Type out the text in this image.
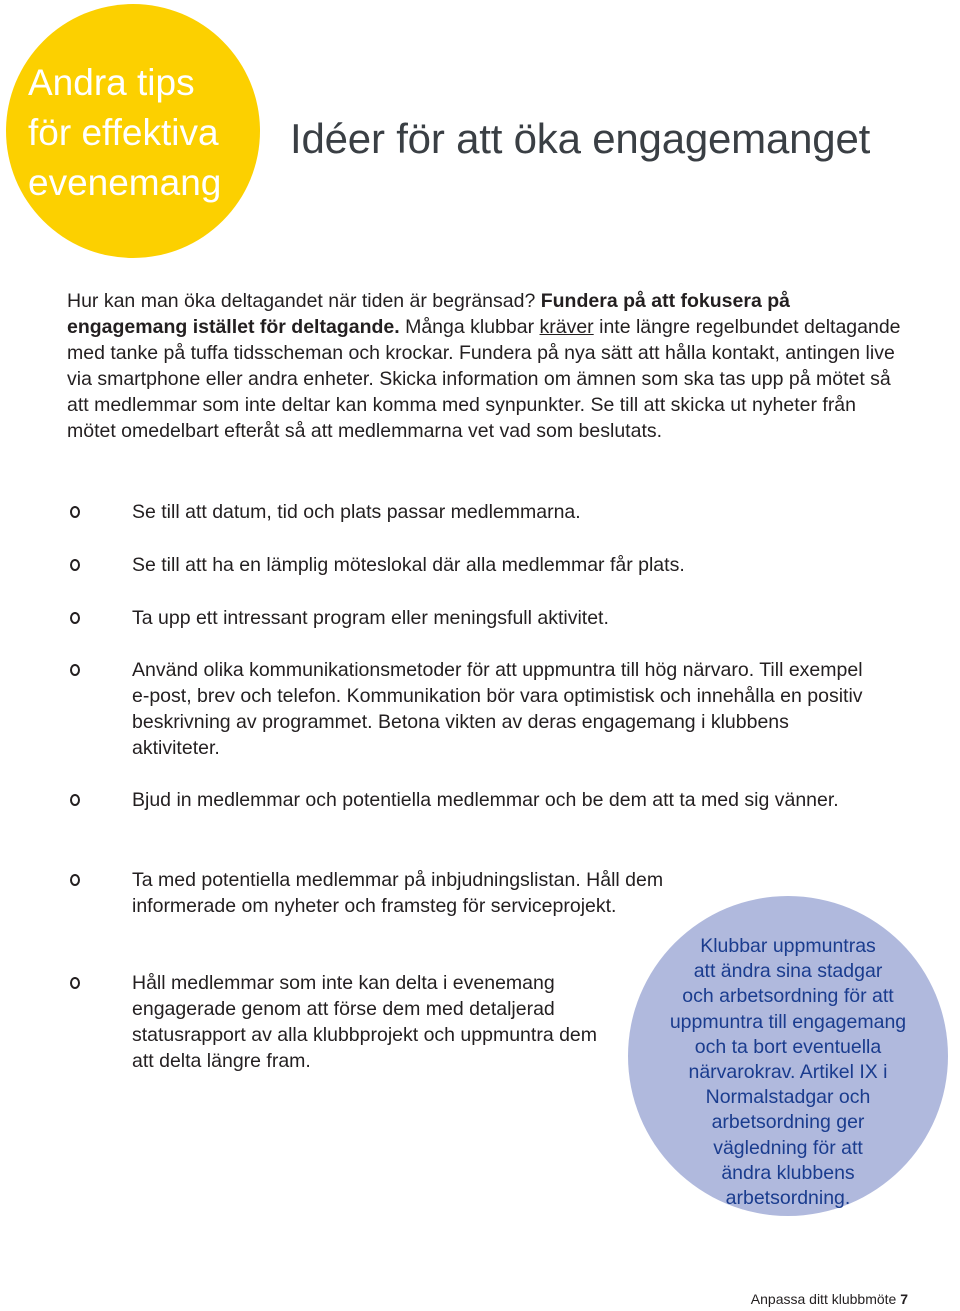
Andra tips
för effektiva
evenemang
Idéer för att öka engagemanget
Hur kan man öka deltagandet när tiden är begränsad? Fundera på att fokusera på engagemang istället för deltagande. Många klubbar kräver inte längre regelbundet deltagande med tanke på tuffa tidsscheman och krockar. Fundera på nya sätt att hålla kontakt, antingen live via smartphone eller andra enheter. Skicka information om ämnen som ska tas upp på mötet så att medlemmar som inte deltar kan komma med synpunkter. Se till att skicka ut nyheter från mötet omedelbart efteråt så att medlemmarna vet vad som beslutats.
Se till att datum, tid och plats passar medlemmarna.
Se till att ha en lämplig möteslokal där alla medlemmar får plats.
Ta upp ett intressant program eller meningsfull aktivitet.
Använd olika kommunikationsmetoder för att uppmuntra till hög närvaro. Till exempel e-post, brev och telefon. Kommunikation bör vara optimistisk och innehålla en positiv beskrivning av programmet. Betona vikten av deras engagemang i klubbens aktiviteter.
Bjud in medlemmar och potentiella medlemmar och be dem att ta med sig vänner.
Ta med potentiella medlemmar på inbjudningslistan. Håll dem informerade om nyheter och framsteg för serviceprojekt.
Håll medlemmar som inte kan delta i evenemang engagerade genom att förse dem med detaljerad statusrapport av alla klubbprojekt och uppmuntra dem att delta längre fram.
Klubbar uppmuntras
att ändra sina stadgar
och arbetsordning för att
uppmuntra till engagemang
och ta bort eventuella
närvarokrav. Artikel IX i
Normalstadgar och
arbetsordning ger
vägledning för att
ändra klubbens
arbetsordning.
Anpassa ditt klubbmöte 7
